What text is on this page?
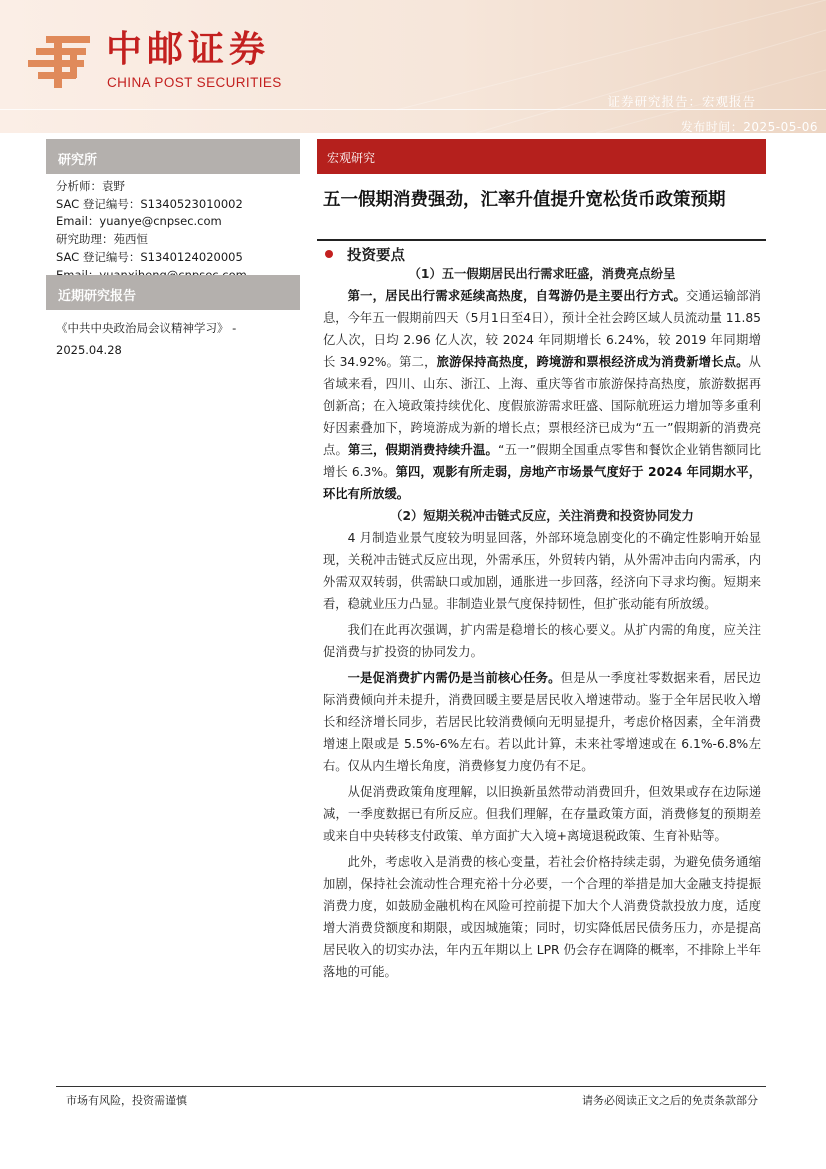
中邮证券
CHINA POST SECURITIES
证券研究报告：宏观报告
发布时间：2025-05-06
研究所
分析师：袁野
SAC 登记编号：S1340523010002
Email：yuanye@cnpsec.com
研究助理：苑西恒
SAC 登记编号：S1340124020005
近期研究报告
《中共中央政治局会议精神学习》 -
2025.04.28
宏观研究
五一假期消费强劲，汇率升值提升宽松货币政策预期
投资要点
（1）五一假期居民出行需求旺盛，消费亮点纷呈

第一，居民出行需求延续高热度，自驾游仍是主要出行方式。交通运输部消息，今年五一假期前四天（5月1日至4日），预计全社会跨区域人员流动量 11.85 亿人次，日均 2.96 亿人次，较 2024 年同期增长 6.24%，较 2019 年同期增长 34.92%。第二，旅游保持高热度，跨境游和票根经济成为消费新增长点。从省域来看，四川、山东、浙江、上海、重庆等省市旅游保持高热度，旅游数据再创新高；在入境政策持续优化、度假旅游需求旺盛、国际航班运力增加等多重利好因素叠加下，跨境游成为新的增长点；票根经济已成为“五一”假期新的消费亮点。第三，假期消费持续升温。“五一”假期全国重点零售和餐饮企业销售额同比增长 6.3%。第四，观影有所走弱，房地产市场景气度好于 2024 年同期水平，环比有所放缓。

（2）短期关税冲击链式反应，关注消费和投资协同发力

4 月制造业景气度较为明显回落，外部环境急剧变化的不确定性影响开始显现，关税冲击链式反应出现，外需承压，外贸转内销，从外需冲击向内需承，内外需双双转弱，供需缺口或加剧，通胀进一步回落，经济向下寻求均衡。短期来看，稳就业压力凸显。非制造业景气度保持韧性，但扩张动能有所放缓。

我们在此再次强调，扩内需是稳增长的核心要义。从扩内需的角度，应关注促消费与扩投资的协同发力。

一是促消费扩内需仍是当前核心任务。但是从一季度社零数据来看，居民边际消费倾向并未提升，消费回暖主要是居民收入增速带动。鉴于全年居民收入增长和经济增长同步，若居民比较消费倾向无明显提升，考虑价格因素，全年消费增速上限或是 5.5%-6%左右。若以此计算，未来社零增速或在 6.1%-6.8%左右。仅从内生增长角度，消费修复力度仍有不足。

从促消费政策角度理解，以旧换新虽然带动消费回升，但效果或存在边际递减，一季度数据已有所反应。但我们理解，在存量政策方面，消费修复的预期差或来自中央转移支付政策、单方面扩大入境+离境退税政策、生育补贴等。

此外，考虑收入是消费的核心变量，若社会价格持续走弱，为避免债务通缩加剧，保持社会流动性合理充裕十分必要，一个合理的举措是加大金融支持提振消费力度，如鼓励金融机构在风险可控前提下加大个人消费贷款投放力度，适度增大消费贷额度和期限，或因城施策；同时，切实降低居民债务压力，亦是提高居民收入的切实办法，年内五年期以上 LPR 仍会存在调降的概率，不排除上半年落地的可能。

市场有风险，投资需谨慎	请务必阅读正文之后的免责条款部分
